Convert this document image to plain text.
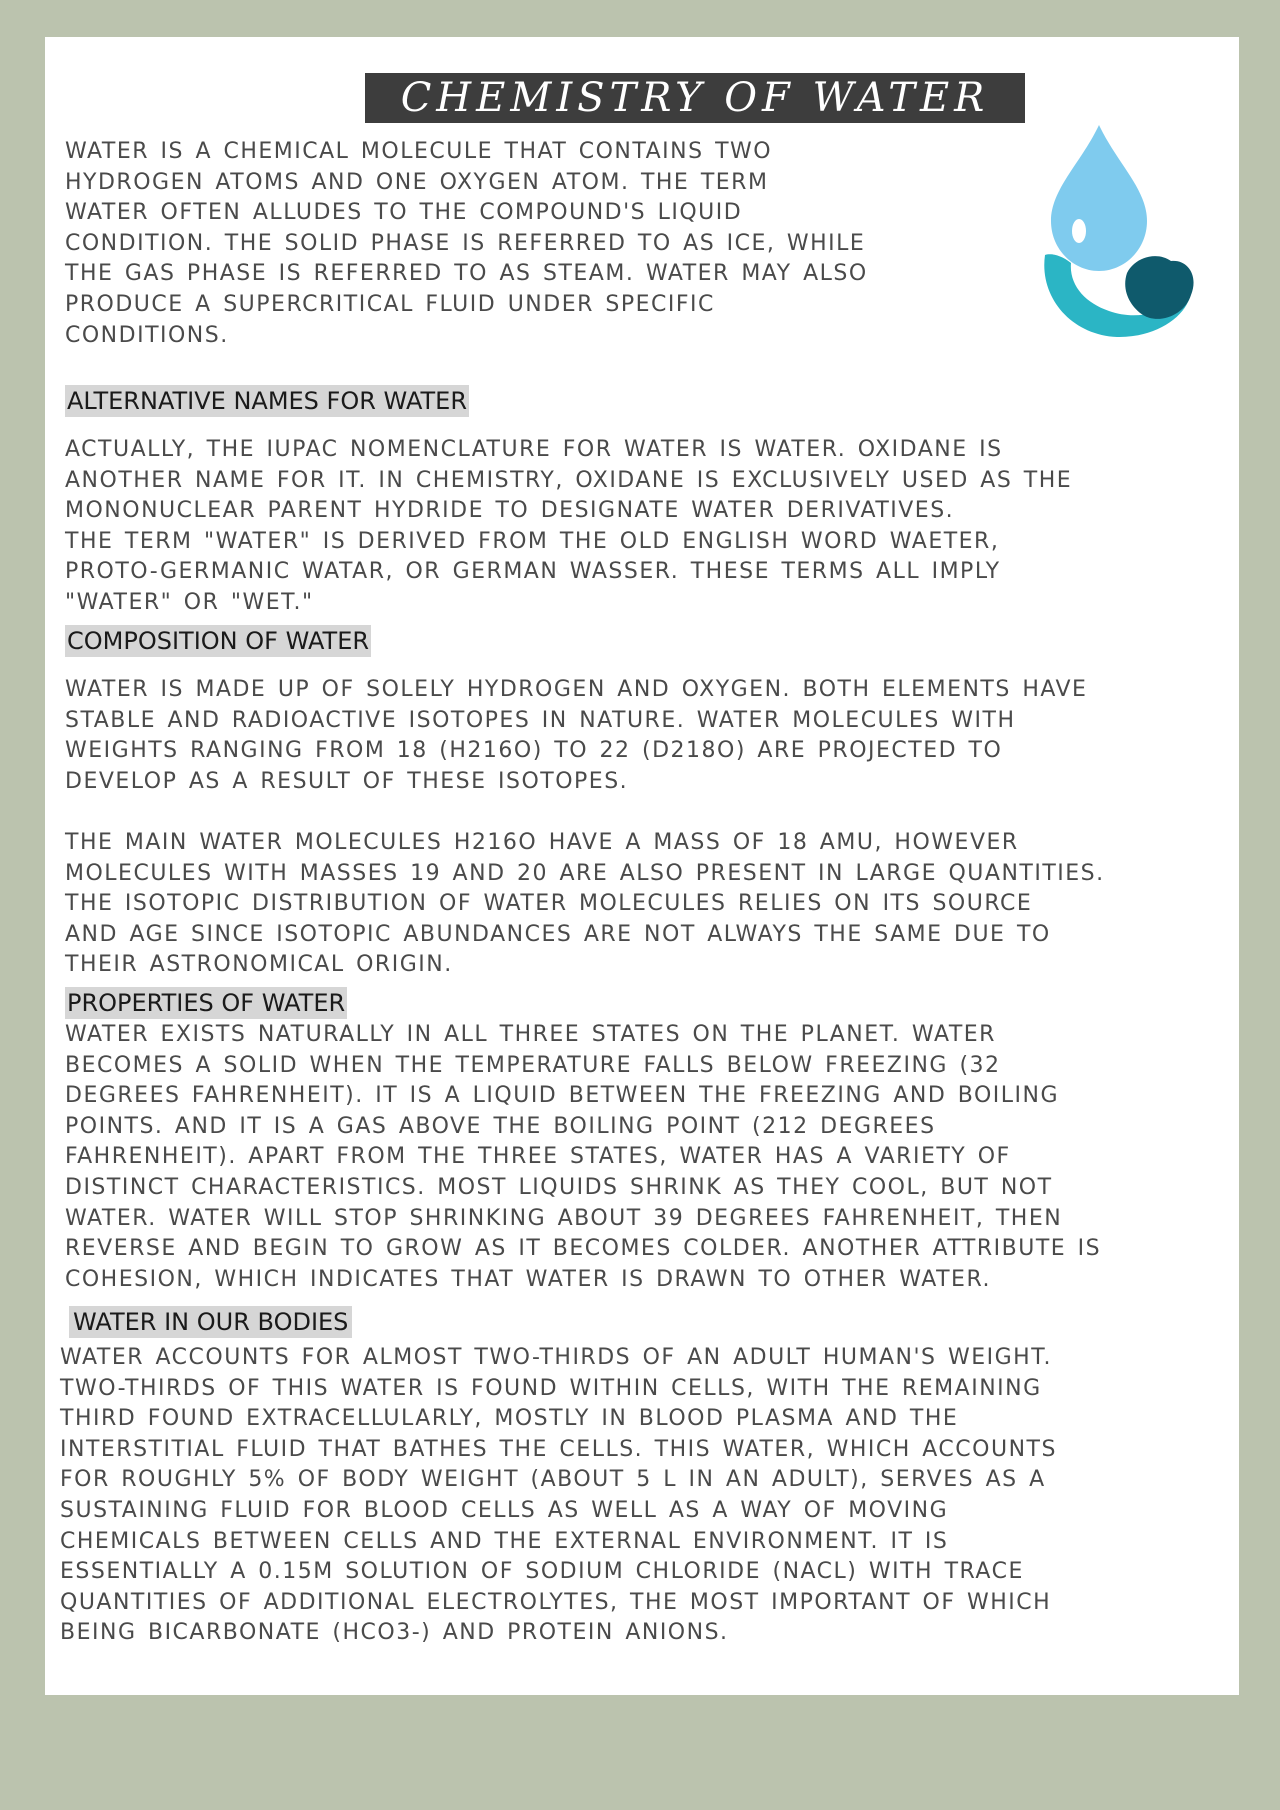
CHEMISTRY OF WATER

WATER IS A CHEMICAL MOLECULE THAT CONTAINS TWO
HYDROGEN ATOMS AND ONE OXYGEN ATOM. THE TERM
WATER OFTEN ALLUDES TO THE COMPOUND'S LIQUID
CONDITION. THE SOLID PHASE IS REFERRED TO AS ICE, WHILE
THE GAS PHASE IS REFERRED TO AS STEAM. WATER MAY ALSO
PRODUCE A SUPERCRITICAL FLUID UNDER SPECIFIC
CONDITIONS.

ALTERNATIVE NAMES FOR WATER

ACTUALLY, THE IUPAC NOMENCLATURE FOR WATER IS WATER. OXIDANE IS
ANOTHER NAME FOR IT. IN CHEMISTRY, OXIDANE IS EXCLUSIVELY USED AS THE
MONONUCLEAR PARENT HYDRIDE TO DESIGNATE WATER DERIVATIVES.
THE TERM "WATER" IS DERIVED FROM THE OLD ENGLISH WORD WAETER,
PROTO-GERMANIC WATAR, OR GERMAN WASSER. THESE TERMS ALL IMPLY
"WATER" OR "WET."

COMPOSITION OF WATER

WATER IS MADE UP OF SOLELY HYDROGEN AND OXYGEN. BOTH ELEMENTS HAVE
STABLE AND RADIOACTIVE ISOTOPES IN NATURE. WATER MOLECULES WITH
WEIGHTS RANGING FROM 18 (H216O) TO 22 (D218O) ARE PROJECTED TO
DEVELOP AS A RESULT OF THESE ISOTOPES.

THE MAIN WATER MOLECULES H216O HAVE A MASS OF 18 AMU, HOWEVER
MOLECULES WITH MASSES 19 AND 20 ARE ALSO PRESENT IN LARGE QUANTITIES.
THE ISOTOPIC DISTRIBUTION OF WATER MOLECULES RELIES ON ITS SOURCE
AND AGE SINCE ISOTOPIC ABUNDANCES ARE NOT ALWAYS THE SAME DUE TO
THEIR ASTRONOMICAL ORIGIN.

PROPERTIES OF WATER

WATER EXISTS NATURALLY IN ALL THREE STATES ON THE PLANET. WATER
BECOMES A SOLID WHEN THE TEMPERATURE FALLS BELOW FREEZING (32
DEGREES FAHRENHEIT). IT IS A LIQUID BETWEEN THE FREEZING AND BOILING
POINTS. AND IT IS A GAS ABOVE THE BOILING POINT (212 DEGREES
FAHRENHEIT). APART FROM THE THREE STATES, WATER HAS A VARIETY OF
DISTINCT CHARACTERISTICS. MOST LIQUIDS SHRINK AS THEY COOL, BUT NOT
WATER. WATER WILL STOP SHRINKING ABOUT 39 DEGREES FAHRENHEIT, THEN
REVERSE AND BEGIN TO GROW AS IT BECOMES COLDER. ANOTHER ATTRIBUTE IS
COHESION, WHICH INDICATES THAT WATER IS DRAWN TO OTHER WATER.

WATER IN OUR BODIES

WATER ACCOUNTS FOR ALMOST TWO-THIRDS OF AN ADULT HUMAN'S WEIGHT.
TWO-THIRDS OF THIS WATER IS FOUND WITHIN CELLS, WITH THE REMAINING
THIRD FOUND EXTRACELLULARLY, MOSTLY IN BLOOD PLASMA AND THE
INTERSTITIAL FLUID THAT BATHES THE CELLS. THIS WATER, WHICH ACCOUNTS
FOR ROUGHLY 5% OF BODY WEIGHT (ABOUT 5 L IN AN ADULT), SERVES AS A
SUSTAINING FLUID FOR BLOOD CELLS AS WELL AS A WAY OF MOVING
CHEMICALS BETWEEN CELLS AND THE EXTERNAL ENVIRONMENT. IT IS
ESSENTIALLY A 0.15M SOLUTION OF SODIUM CHLORIDE (NACL) WITH TRACE
QUANTITIES OF ADDITIONAL ELECTROLYTES, THE MOST IMPORTANT OF WHICH
BEING BICARBONATE (HCO3-) AND PROTEIN ANIONS.
